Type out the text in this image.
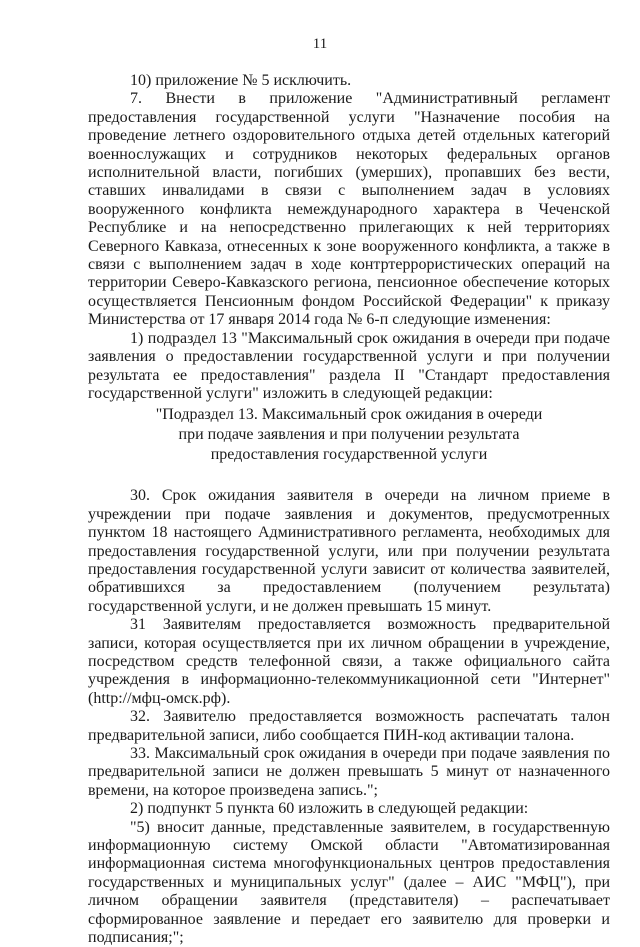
11

10) приложение № 5 исключить.

7. Внести в приложение "Административный регламент предоставления государственной услуги "Назначение пособия на проведение летнего оздоровительного отдыха детей отдельных категорий военнослужащих и сотрудников некоторых федеральных органов исполнительной власти, погибших (умерших), пропавших без вести, ставших инвалидами в связи с выполнением задач в условиях вооруженного конфликта немеждународного характера в Чеченской Республике и на непосредственно прилегающих к ней территориях Северного Кавказа, отнесенных к зоне вооруженного конфликта, а также в связи с выполнением задач в ходе контртеррористических операций на территории Северо-Кавказского региона, пенсионное обеспечение которых осуществляется Пенсионным фондом Российской Федерации" к приказу Министерства от 17 января 2014 года № 6-п следующие изменения:

1) подраздел 13 "Максимальный срок ожидания в очереди при подаче заявления о предоставлении государственной услуги и при получении результата ее предоставления" раздела II "Стандарт предоставления государственной услуги" изложить в следующей редакции:

"Подраздел 13. Максимальный срок ожидания в очереди

при подаче заявления и при получении результата

предоставления государственной услуги

30. Срок ожидания заявителя в очереди на личном приеме в учреждении при подаче заявления и документов, предусмотренных пунктом 18 настоящего Административного регламента, необходимых для предоставления государственной услуги, или при получении результата предоставления государственной услуги зависит от количества заявителей, обратившихся за предоставлением (получением результата) государственной услуги, и не должен превышать 15 минут.

31 Заявителям предоставляется возможность предварительной записи, которая осуществляется при их личном обращении в учреждение, посредством средств телефонной связи, а также официального сайта учреждения в информационно-телекоммуникационной сети "Интернет" (http://мфц-омск.рф).

32. Заявителю предоставляется возможность распечатать талон предварительной записи, либо сообщается ПИН-код активации талона.

33. Максимальный срок ожидания в очереди при подаче заявления по предварительной записи не должен превышать 5 минут от назначенного времени, на которое произведена запись.";

2) подпункт 5 пункта 60 изложить в следующей редакции:

"5) вносит данные, представленные заявителем, в государственную информационную систему Омской области "Автоматизированная информационная система многофункциональных центров предоставления государственных и муниципальных услуг" (далее – АИС "МФЦ"), при личном обращении заявителя (представителя) – распечатывает сформированное заявление и передает его заявителю для проверки и подписания;";
